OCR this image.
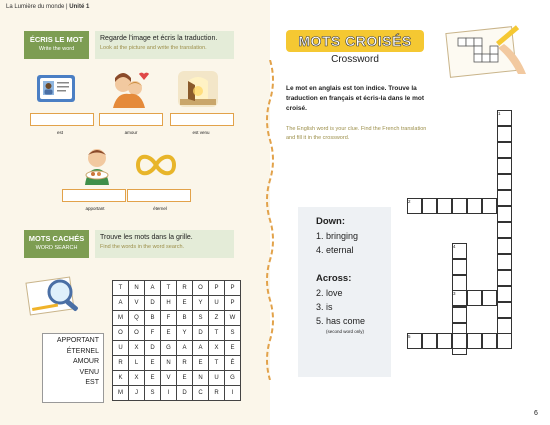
La Lumière du monde | Unité 1
ÉCRIS LE MOT
Write the word
Regarde l'image et écris la traduction.
Look at the picture and write the translation.
est	amour	est venu
apportant	éternel
MOTS CACHÉS
WORD SEARCH
Trouve les mots dans la grille.
Find the words in the word search.
T	N	A	T	R	O	P	P
A	V	D	H	E	Y	U	P
M	Q	B	F	B	S	Z	W
O	O	F	E	Y	D	T	S
U	X	D	G	A	A	X	E
R	L	E	N	R	E	T	É
K	X	E	V	E	N	U	G
M	J	S	I	D	C	R	I
APPORTANT
ÉTERNEL
AMOUR
VENU
EST
MOTS CROISÉS
Crossword
Le mot en anglais est ton indice. Trouve la traduction en français et écris-la dans le mot croisé.
The English word is your clue. Find the French translation and fill it in the crossword.
Down:
1. bringing
4. eternal
Across:
2. love
3. is
5. has come
(second word only)
1
2
4
3
5
6
